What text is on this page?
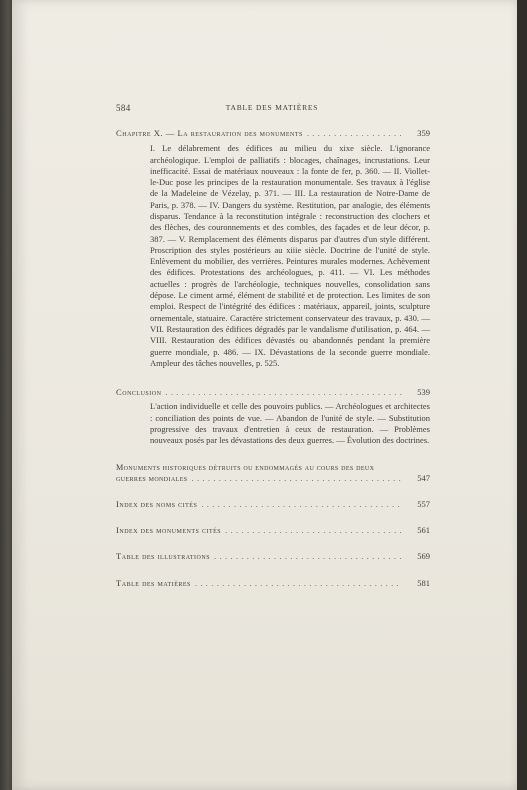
584	TABLE DES MATIÈRES
Chapitre X. — La restauration des monuments . . .	359
I. Le délabrement des édifices au milieu du xixe siècle. L'ignorance archéologique. L'emploi de palliatifs : blocages, chaînages, incrustations. Leur inefficacité. Essai de matériaux nouveaux : la fonte de fer, p. 360. — II. Viollet-le-Duc pose les principes de la restauration monumentale. Ses travaux à l'église de la Madeleine de Vézelay, p. 371. — III. La restauration de Notre-Dame de Paris, p. 378. — IV. Dangers du système. Restitution, par analogie, des éléments disparus. Tendance à la reconstitution intégrale : reconstruction des clochers et des flèches, des couronnements et des combles, des façades et de leur décor, p. 387. — V. Remplacement des éléments disparus par d'autres d'un style différent. Proscription des styles postérieurs au xiiie siècle. Doctrine de l'unité de style. Enlèvement du mobilier, des verrières. Peintures murales modernes. Achèvement des édifices. Protestations des archéologues, p. 411. — VI. Les méthodes actuelles : progrès de l'archéologie, techniques nouvelles, consolidation sans dépose. Le ciment armé, élément de stabilité et de protection. Les limites de son emploi. Respect de l'intégrité des édifices : matériaux, appareil, joints, sculpture ornementale, statuaire. Caractère strictement conservateur des travaux, p. 430. — VII. Restauration des édifices dégradés par le vandalisme d'utilisation, p. 464. — VIII. Restauration des édifices dévastés ou abandonnés pendant la première guerre mondiale, p. 486. — IX. Dévastations de la seconde guerre mondiale. Ampleur des tâches nouvelles, p. 525.
Conclusion . . .	539
L'action individuelle et celle des pouvoirs publics. — Archéologues et architectes : conciliation des points de vue. — Abandon de l'unité de style. — Substitution progressive des travaux d'entretien à ceux de restauration. — Problèmes nouveaux posés par les dévastations des deux guerres. — Évolution des doctrines.
Monuments historiques détruits ou endommagés au cours des deux
guerres mondiales . . .	547
Index des noms cités . . .	557
Index des monuments cités . . .	561
Table des illustrations . . .	569
Table des matières . . .	581
